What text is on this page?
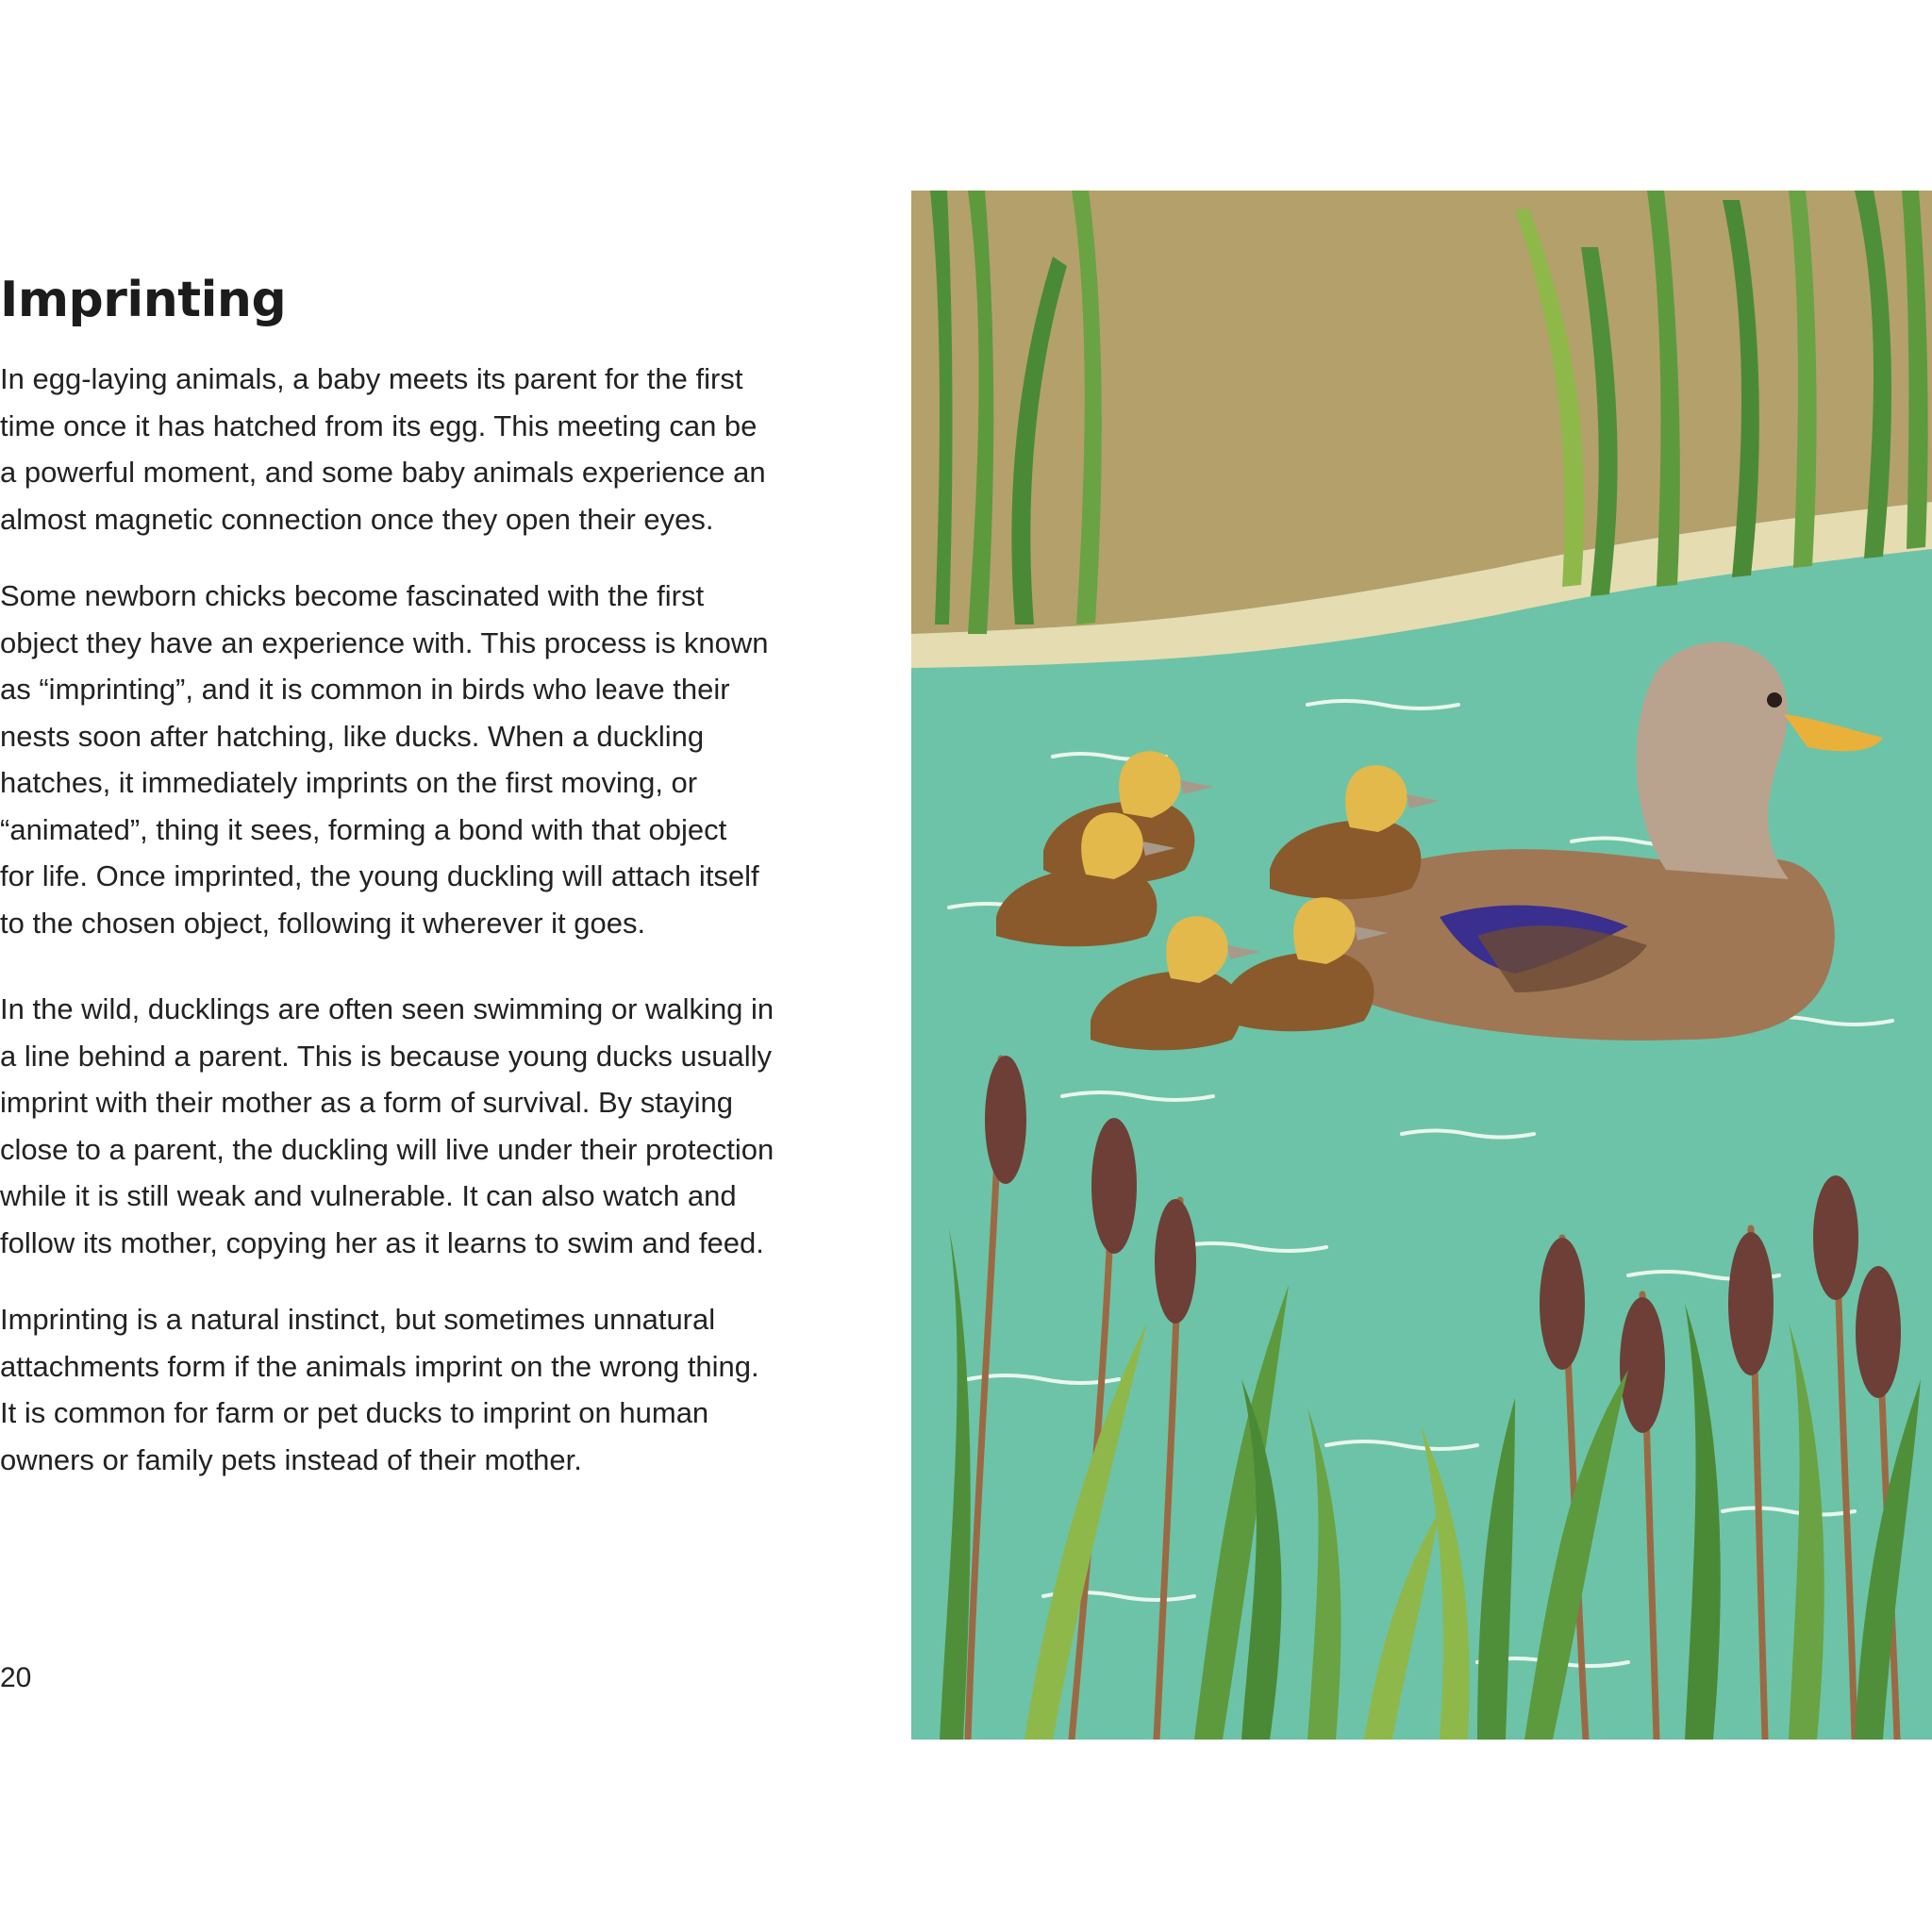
Imprinting

In egg-laying animals, a baby meets its parent for the first
time once it has hatched from its egg. This meeting can be
a powerful moment, and some baby animals experience an
almost magnetic connection once they open their eyes.

Some newborn chicks become fascinated with the first
object they have an experience with. This process is known
as “imprinting”, and it is common in birds who leave their
nests soon after hatching, like ducks. When a duckling
hatches, it immediately imprints on the first moving, or
“animated”, thing it sees, forming a bond with that object
for life. Once imprinted, the young duckling will attach itself
to the chosen object, following it wherever it goes.

In the wild, ducklings are often seen swimming or walking in
a line behind a parent. This is because young ducks usually
imprint with their mother as a form of survival. By staying
close to a parent, the duckling will live under their protection
while it is still weak and vulnerable. It can also watch and
follow its mother, copying her as it learns to swim and feed.

Imprinting is a natural instinct, but sometimes unnatural
attachments form if the animals imprint on the wrong thing.
It is common for farm or pet ducks to imprint on human
owners or family pets instead of their mother.

20
